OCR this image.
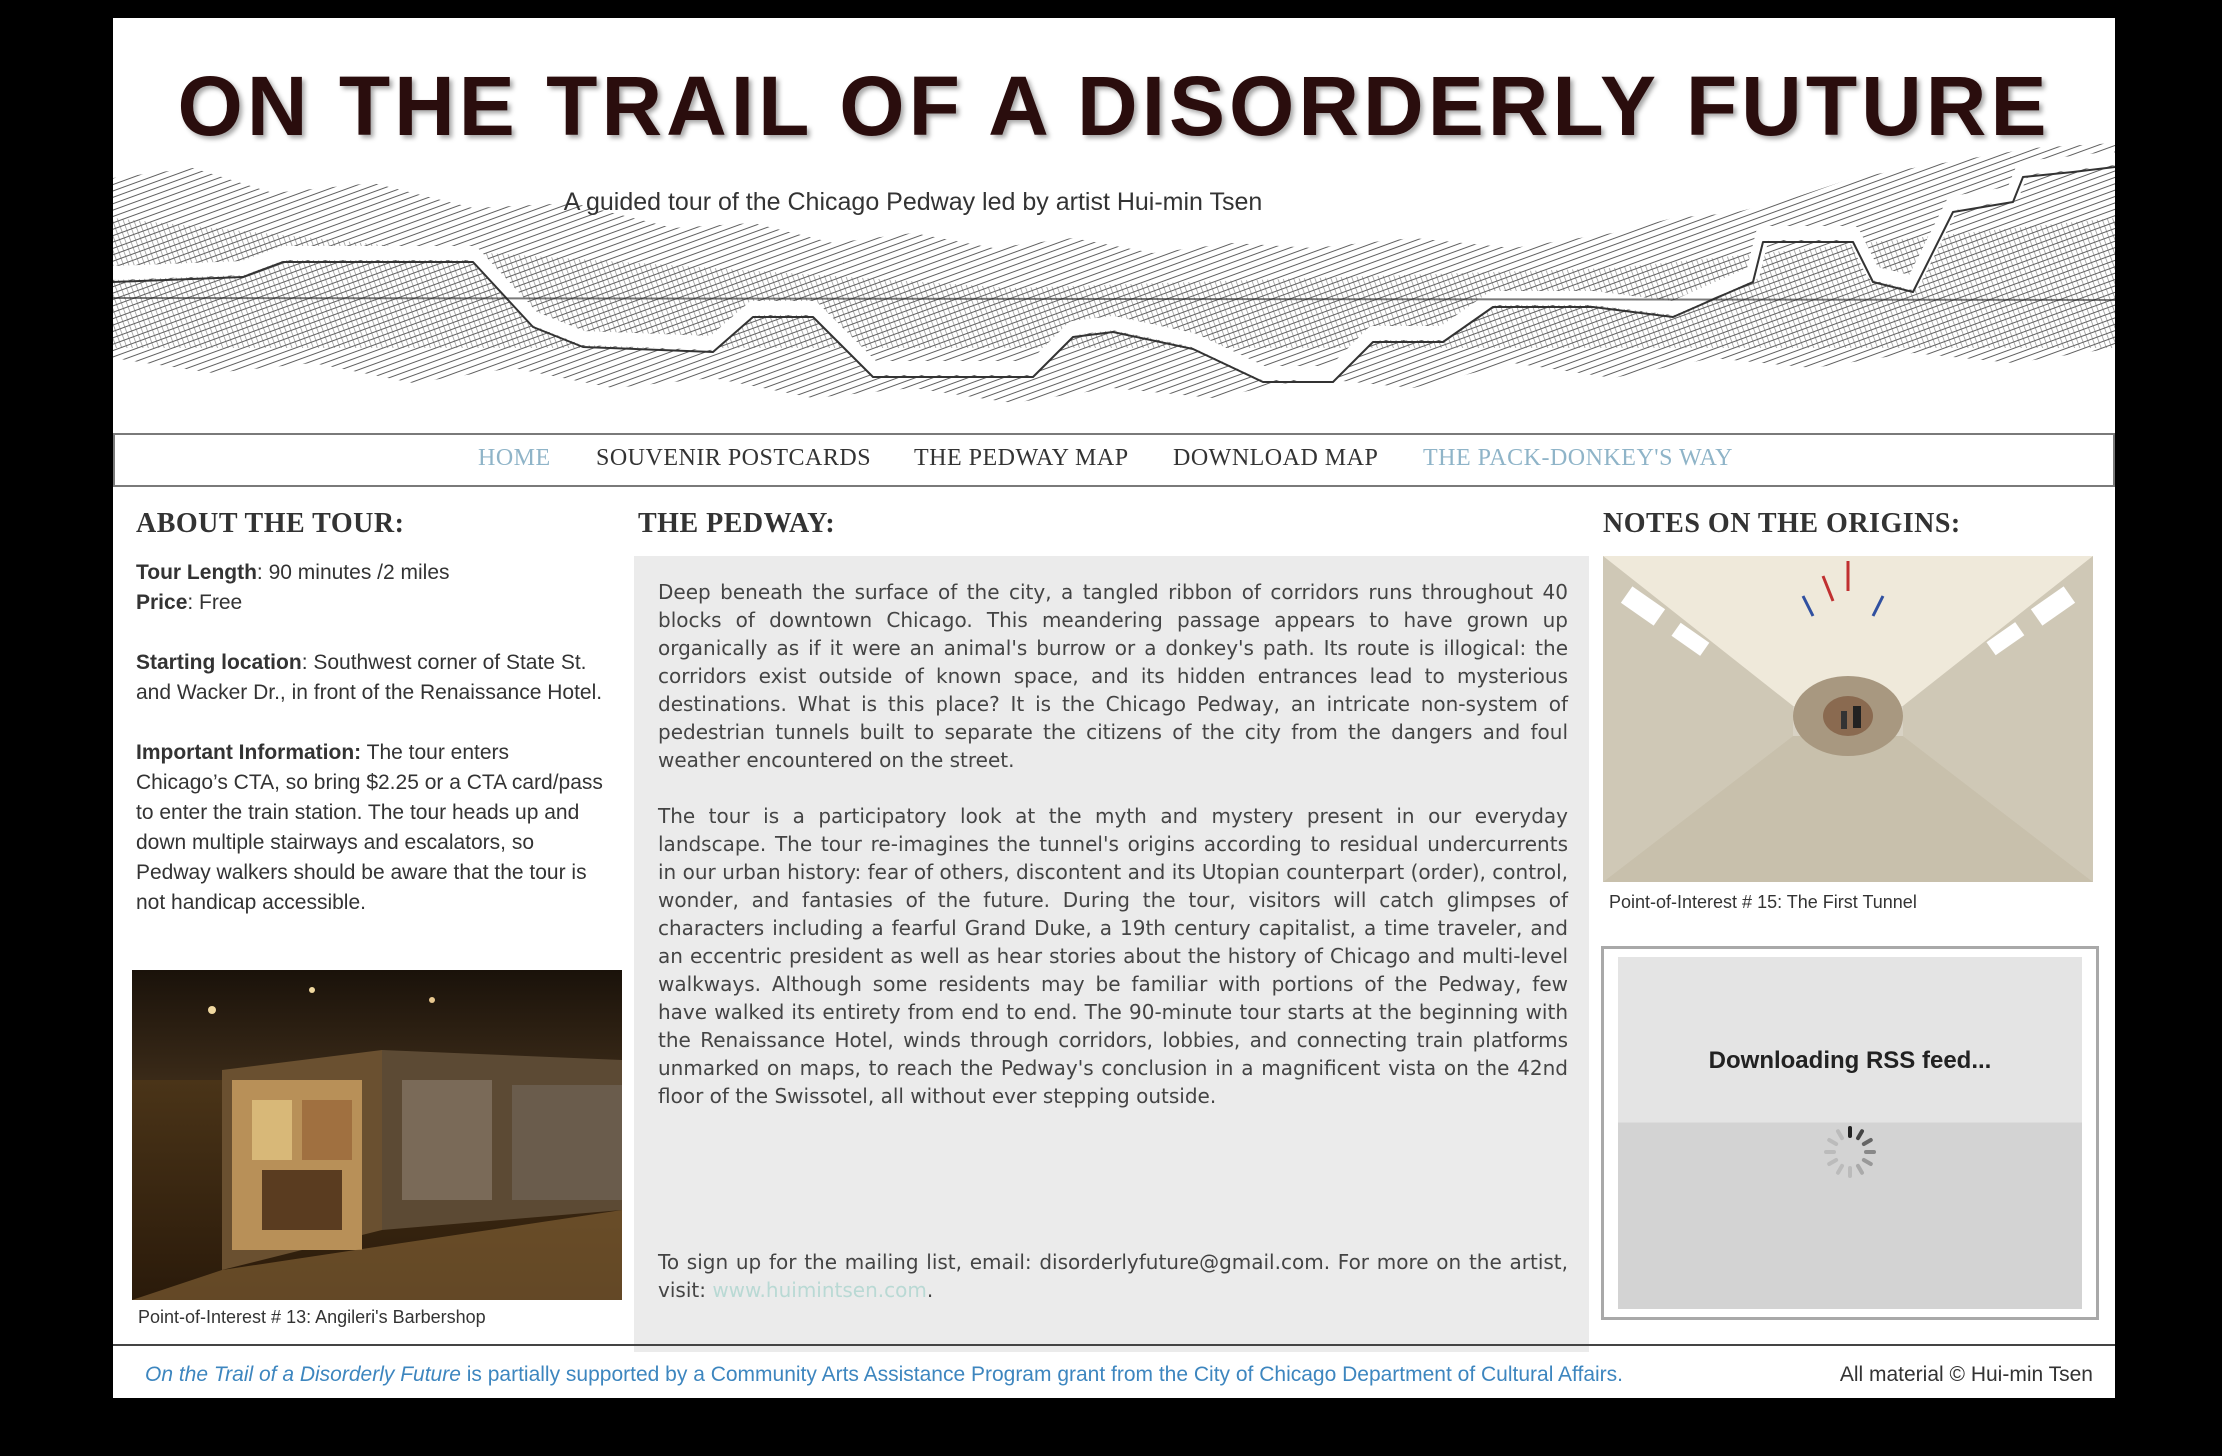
ON THE TRAIL OF A DISORDERLY FUTURE
A guided tour of the Chicago Pedway led by artist Hui-min Tsen
HOME SOUVENIR POSTCARDS THE PEDWAY MAP DOWNLOAD MAP THE PACK-DONKEY'S WAY
ABOUT THE TOUR:

Tour Length: 90 minutes /2 miles
Price: Free

Starting location: Southwest corner of State St. and Wacker Dr., in front of the Renaissance Hotel.

Important Information: The tour enters Chicago’s CTA, so bring $2.25 or a CTA card/pass to enter the train station. The tour heads up and down multiple stairways and escalators, so Pedway walkers should be aware that the tour is not handicap accessible.

Point-of-Interest # 13: Angileri's Barbershop
THE PEDWAY:

Deep beneath the surface of the city, a tangled ribbon of corridors runs throughout 40 blocks of downtown Chicago. This meandering passage appears to have grown up organically as if it were an animal's burrow or a donkey's path. Its route is illogical: the corridors exist outside of known space, and its hidden entrances lead to mysterious destinations. What is this place? It is the Chicago Pedway, an intricate non-system of pedestrian tunnels built to separate the citizens of the city from the dangers and foul weather encountered on the street.

The tour is a participatory look at the myth and mystery present in our everyday landscape. The tour re-imagines the tunnel's origins according to residual undercurrents in our urban history: fear of others, discontent and its Utopian counterpart (order), control, wonder, and fantasies of the future. During the tour, visitors will catch glimpses of characters including a fearful Grand Duke, a 19th century capitalist, a time traveler, and an eccentric president as well as hear stories about the history of Chicago and multi-level walkways. Although some residents may be familiar with portions of the Pedway, few have walked its entirety from end to end. The 90-minute tour starts at the beginning with the Renaissance Hotel, winds through corridors, lobbies, and connecting train platforms unmarked on maps, to reach the Pedway's conclusion in a magnificent vista on the 42nd floor of the Swissotel, all without ever stepping outside.

To sign up for the mailing list, email: disorderlyfuture@gmail.com. For more on the artist, visit: www.huimintsen.com.
NOTES ON THE ORIGINS:
Point-of-Interest # 15: The First Tunnel
Downloading RSS feed...
On the Trail of a Disorderly Future is partially supported by a Community Arts Assistance Program grant from the City of Chicago Department of Cultural Affairs.	All material © Hui-min Tsen
